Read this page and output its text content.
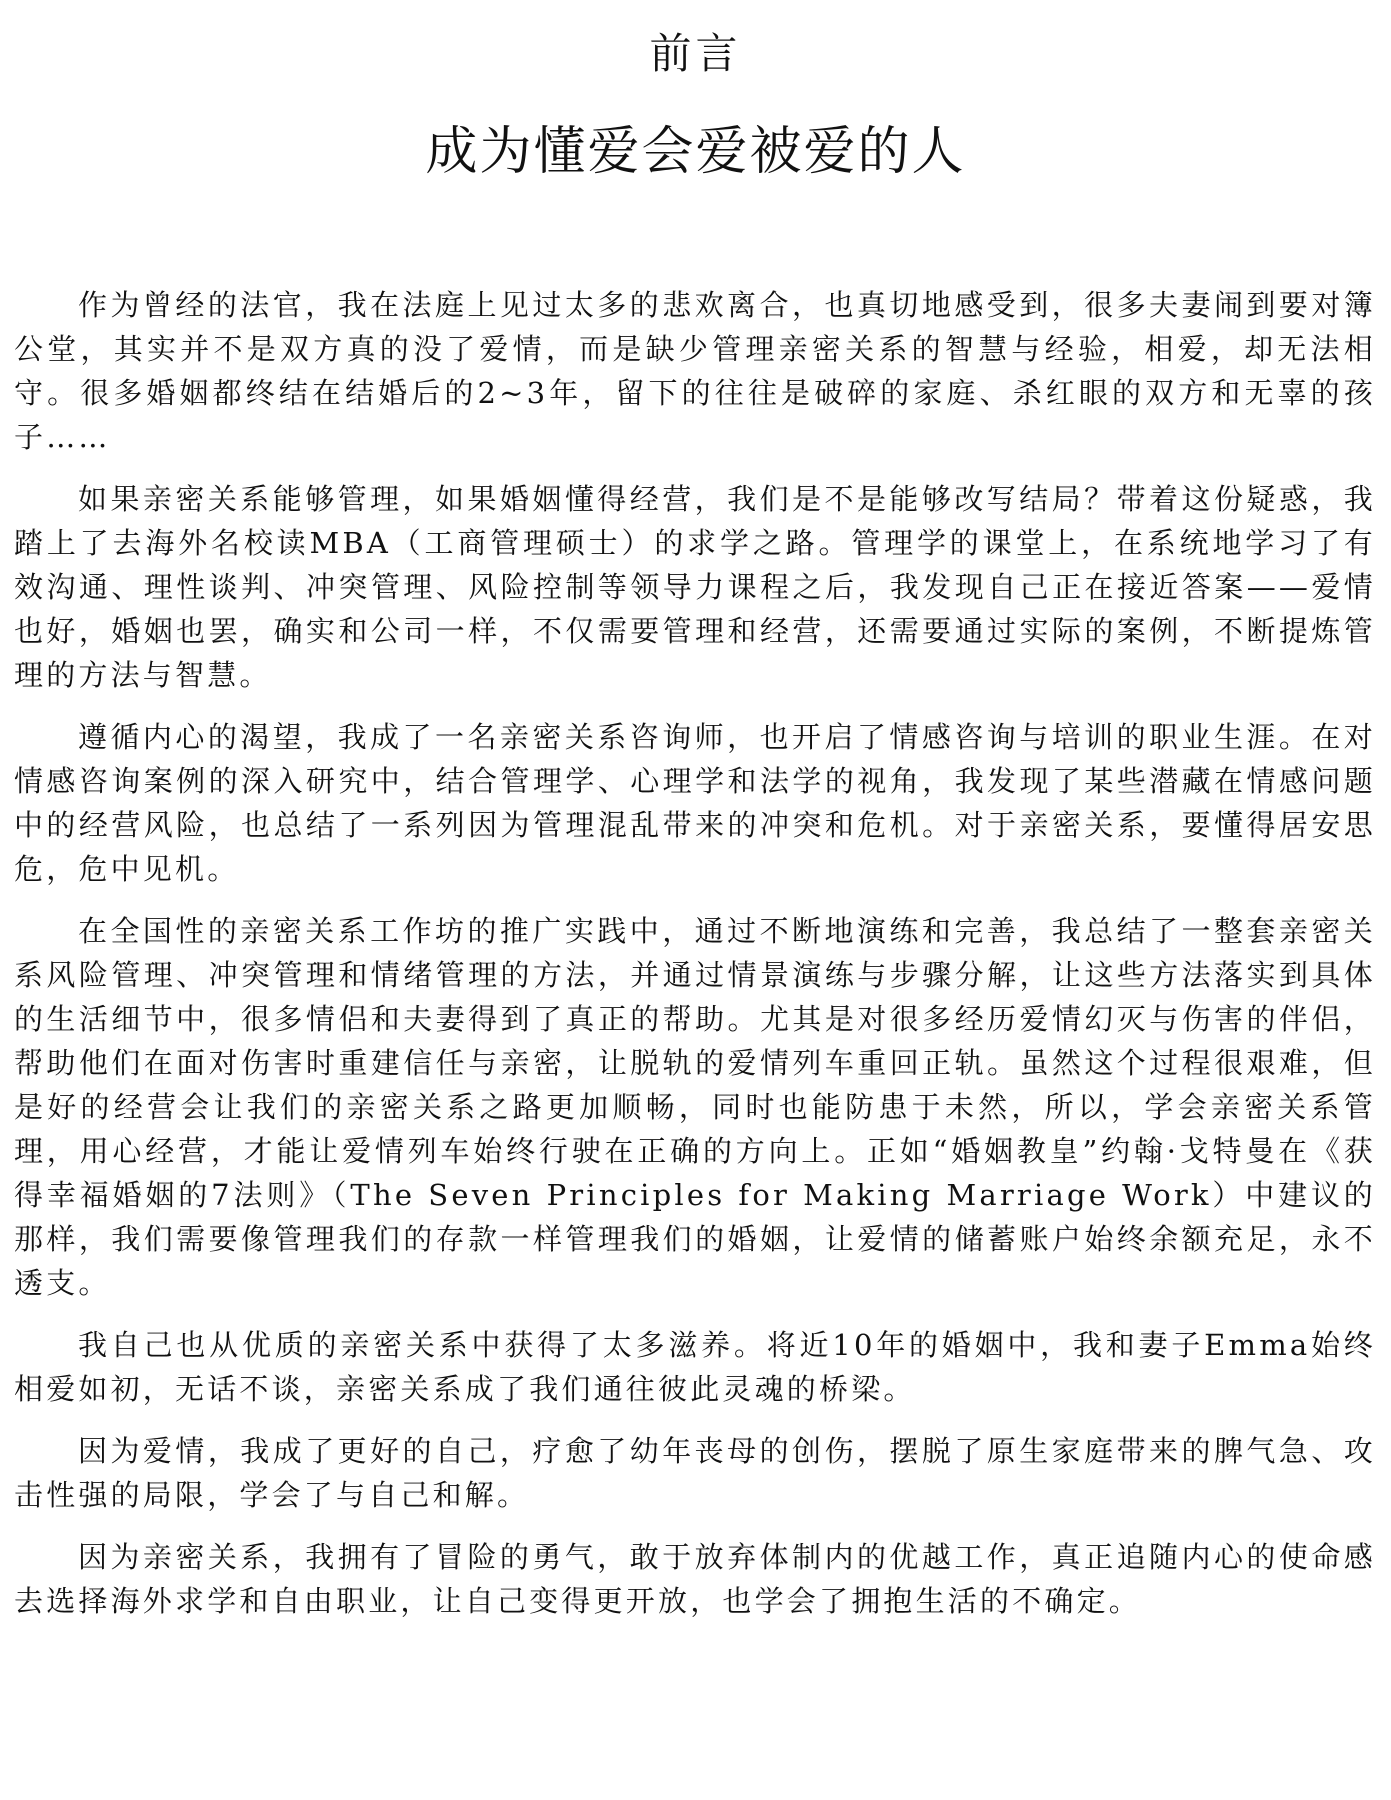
前言
成为懂爱会爱被爱的人

作为曾经的法官，我在法庭上见过太多的悲欢离合，也真切地感受到，很多夫妻闹到要对簿公堂，其实并不是双方真的没了爱情，而是缺少管理亲密关系的智慧与经验，相爱，却无法相守。很多婚姻都终结在结婚后的2~3年，留下的往往是破碎的家庭、杀红眼的双方和无辜的孩子……

如果亲密关系能够管理，如果婚姻懂得经营，我们是不是能够改写结局？带着这份疑惑，我踏上了去海外名校读MBA（工商管理硕士）的求学之路。管理学的课堂上，在系统地学习了有效沟通、理性谈判、冲突管理、风险控制等领导力课程之后，我发现自己正在接近答案——爱情也好，婚姻也罢，确实和公司一样，不仅需要管理和经营，还需要通过实际的案例，不断提炼管理的方法与智慧。

遵循内心的渴望，我成了一名亲密关系咨询师，也开启了情感咨询与培训的职业生涯。在对情感咨询案例的深入研究中，结合管理学、心理学和法学的视角，我发现了某些潜藏在情感问题中的经营风险，也总结了一系列因为管理混乱带来的冲突和危机。对于亲密关系，要懂得居安思危，危中见机。

在全国性的亲密关系工作坊的推广实践中，通过不断地演练和完善，我总结了一整套亲密关系风险管理、冲突管理和情绪管理的方法，并通过情景演练与步骤分解，让这些方法落实到具体的生活细节中，很多情侣和夫妻得到了真正的帮助。尤其是对很多经历爱情幻灭与伤害的伴侣，帮助他们在面对伤害时重建信任与亲密，让脱轨的爱情列车重回正轨。虽然这个过程很艰难，但是好的经营会让我们的亲密关系之路更加顺畅，同时也能防患于未然，所以，学会亲密关系管理，用心经营，才能让爱情列车始终行驶在正确的方向上。正如“婚姻教皇”约翰·戈特曼在《获得幸福婚姻的7法则》（The Seven Principles for Making Marriage Work）中建议的那样，我们需要像管理我们的存款一样管理我们的婚姻，让爱情的储蓄账户始终余额充足，永不透支。

我自己也从优质的亲密关系中获得了太多滋养。将近10年的婚姻中，我和妻子Emma始终相爱如初，无话不谈，亲密关系成了我们通往彼此灵魂的桥梁。

因为爱情，我成了更好的自己，疗愈了幼年丧母的创伤，摆脱了原生家庭带来的脾气急、攻击性强的局限，学会了与自己和解。

因为亲密关系，我拥有了冒险的勇气，敢于放弃体制内的优越工作，真正追随内心的使命感去选择海外求学和自由职业，让自己变得更开放，也学会了拥抱生活的不确定。
